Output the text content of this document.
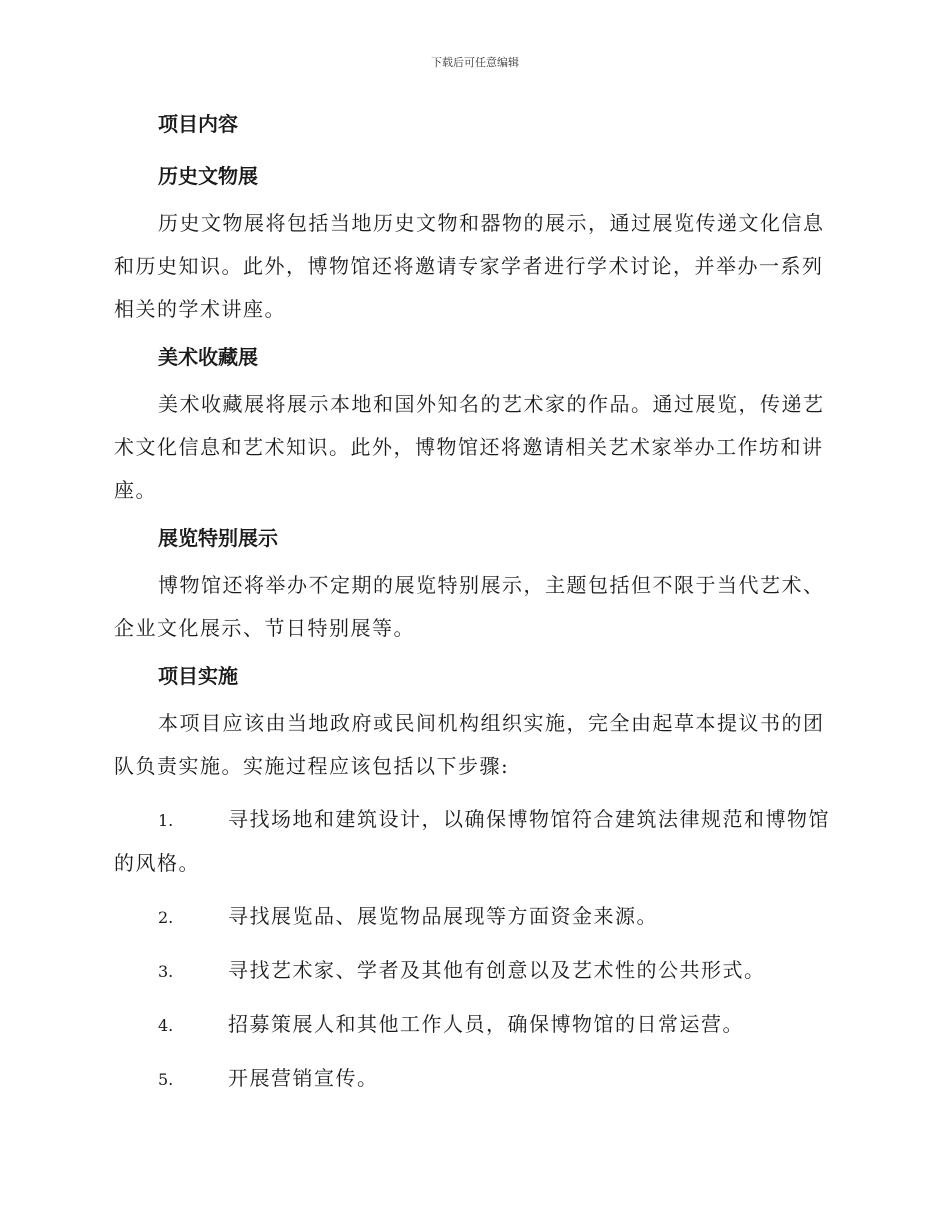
下载后可任意编辑
项目内容
历史文物展

历史文物展将包括当地历史文物和器物的展示，通过展览传递文化信息

和历史知识。此外，博物馆还将邀请专家学者进行学术讨论，并举办一系列

相关的学术讲座。

美术收藏展

美术收藏展将展示本地和国外知名的艺术家的作品。通过展览，传递艺

术文化信息和艺术知识。此外，博物馆还将邀请相关艺术家举办工作坊和讲

座。

展览特别展示

博物馆还将举办不定期的展览特别展示，主题包括但不限于当代艺术、

企业文化展示、节日特别展等。

项目实施

本项目应该由当地政府或民间机构组织实施，完全由起草本提议书的团

队负责实施。实施过程应该包括以下步骤:

1.	寻找场地和建筑设计，以确保博物馆符合建筑法律规范和博物馆

的风格。

2.	寻找展览品、展览物品展现等方面资金来源。
3.	寻找艺术家、学者及其他有创意以及艺术性的公共形式。
4.	招募策展人和其他工作人员，确保博物馆的日常运营。
5.	开展营销宣传。
